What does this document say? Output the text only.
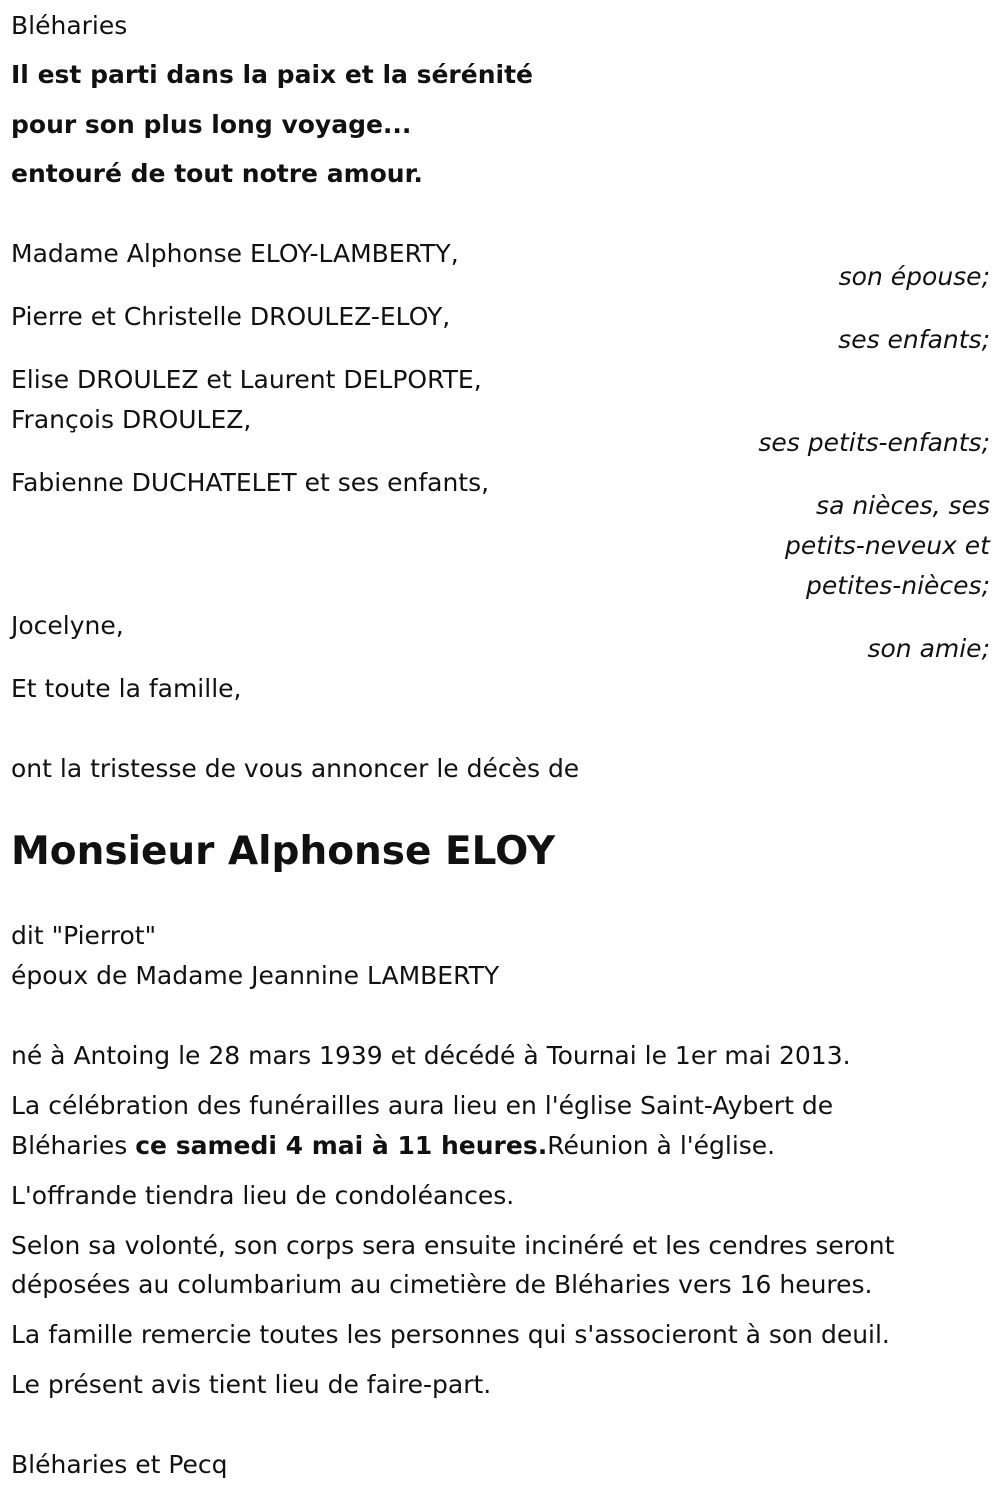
Bléharies
Il est parti dans la paix et la sérénité
pour son plus long voyage...
entouré de tout notre amour.
Madame Alphonse ELOY-LAMBERTY,
son épouse;
Pierre et Christelle DROULEZ-ELOY,
ses enfants;
Elise DROULEZ et Laurent DELPORTE,
François DROULEZ,
ses petits-enfants;
Fabienne DUCHATELET et ses enfants,
sa nièces, ses
petits-neveux et
petites-nièces;
Jocelyne,
son amie;
Et toute la famille,
ont la tristesse de vous annoncer le décès de
Monsieur Alphonse ELOY
dit "Pierrot"
époux de Madame Jeannine LAMBERTY
né à Antoing le 28 mars 1939 et décédé à Tournai le 1er mai 2013.
La célébration des funérailles aura lieu en l'église Saint-Aybert de
Bléharies ce samedi 4 mai à 11 heures.Réunion à l'église.
L'offrande tiendra lieu de condoléances.
Selon sa volonté, son corps sera ensuite incinéré et les cendres seront
déposées au columbarium au cimetière de Bléharies vers 16 heures.
La famille remercie toutes les personnes qui s'associeront à son deuil.
Le présent avis tient lieu de faire-part.
Bléharies et Pecq
